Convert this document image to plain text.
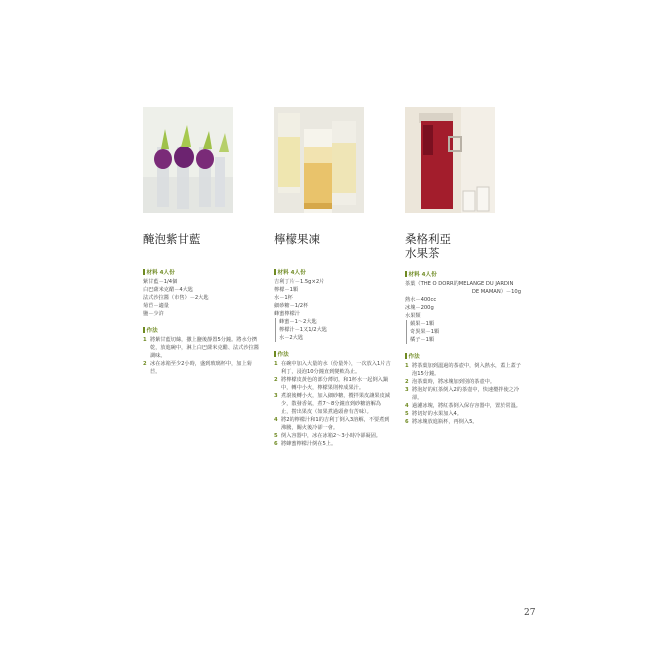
醃泡紫甘藍
材料 4人份
紫甘藍－1/4個
白巴薩米克醋－4大匙
法式沙拉醬（市售）－2大匙
菊苣－適量
鹽－少許
作法
1 將紫甘藍切絲，撒上鹽後靜置5分鐘。將水分擠乾，放進碗中，淋上白巴薩米克醋、法式沙拉醬調味。
2 冰在冰箱至少2小時，盛到玻璃杯中，加上菊苣。
檸檬果凍
材料 4人份
吉利丁片－1.5g×2片
檸檬－1顆
水－1杯
細砂糖－1/2杯
蜂蜜檸檬汁
蜂蜜－1～2大匙
檸檬汁－1又1/2大匙
水－2大匙
作法
1 在碗中加入大量的水（份量外），一次放入1片吉利丁，浸泡10分鐘直到變軟為止。
2 將檸檬皮黃色的部分薄切，和1杯水一起倒入鍋中，轉中小火，檸檬果則榨成果汁。
3 煮滾後轉小火，加入細砂糖，攪拌果皮讓果皮減少，散發香氣，煮7～8分鐘直到砂糖溶解為止，撈出果皮（如果煮過頭會有苦味）。
4 將2的檸檬汁和1的吉利丁倒入3溶解，不要煮到沸騰，關火後冷卻一會。
5 倒入容器中，冰在冰箱2～3小時冷卻凝固。
6 將蜂蜜檸檬汁倒在5上。
桑格利亞
水果茶
材料 4人份
茶葉（THE O DORR的MELANGE DU JARDIN
DE MAMAN）－10g
熱水－400cc
冰塊－200g
水果類
蘋果－1顆
奇異果－1顆
橘子－1顆
作法
1 將茶葉加到溫過的茶壺中，倒入熱水，蓋上蓋子泡15分鐘。
2 泡茶葉時，將冰塊加到別的茶壺中。
3 將泡好的紅茶倒入2的茶壺中，快速攪拌使之冷卻。
4 過濾冰塊，將紅茶倒入保存容器中，置於常溫。
5 將切好的水果加入4。
6 將冰塊放進瓶杯，再倒入5。
27
